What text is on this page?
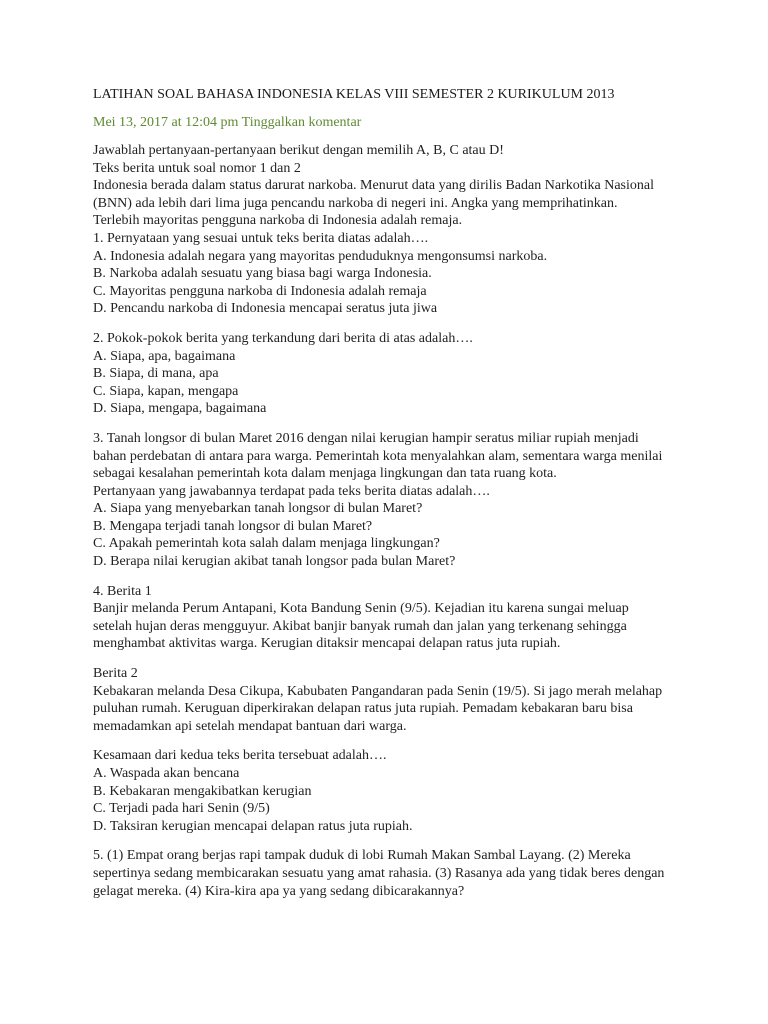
LATIHAN SOAL BAHASA INDONESIA KELAS VIII SEMESTER 2 KURIKULUM 2013
Mei 13, 2017 at 12:04 pm Tinggalkan komentar
Jawablah pertanyaan-pertanyaan berikut dengan memilih A, B, C atau D!
Teks berita untuk soal nomor 1 dan 2
Indonesia berada dalam status darurat narkoba. Menurut data yang dirilis Badan Narkotika Nasional
(BNN) ada lebih dari lima juga pencandu narkoba di negeri ini. Angka yang memprihatinkan.
Terlebih mayoritas pengguna narkoba di Indonesia adalah remaja.
1. Pernyataan yang sesuai untuk teks berita diatas adalah….
A. Indonesia adalah negara yang mayoritas penduduknya mengonsumsi narkoba.
B. Narkoba adalah sesuatu yang biasa bagi warga Indonesia.
C. Mayoritas pengguna narkoba di Indonesia adalah remaja
D. Pencandu narkoba di Indonesia mencapai seratus juta jiwa
2. Pokok-pokok berita yang terkandung dari berita di atas adalah….
A. Siapa, apa, bagaimana
B. Siapa, di mana, apa
C. Siapa, kapan, mengapa
D. Siapa, mengapa, bagaimana
3. Tanah longsor di bulan Maret 2016 dengan nilai kerugian hampir seratus miliar rupiah menjadi
bahan perdebatan di antara para warga. Pemerintah kota menyalahkan alam, sementara warga menilai
sebagai kesalahan pemerintah kota dalam menjaga lingkungan dan tata ruang kota.
Pertanyaan yang jawabannya terdapat pada teks berita diatas adalah….
A. Siapa yang menyebarkan tanah longsor di bulan Maret?
B. Mengapa terjadi tanah longsor di bulan Maret?
C. Apakah pemerintah kota salah dalam menjaga lingkungan?
D. Berapa nilai kerugian akibat tanah longsor pada bulan Maret?
4. Berita 1
Banjir melanda Perum Antapani, Kota Bandung Senin (9/5). Kejadian itu karena sungai meluap
setelah hujan deras mengguyur. Akibat banjir banyak rumah dan jalan yang terkenang sehingga
menghambat aktivitas warga. Kerugian ditaksir mencapai delapan ratus juta rupiah.
Berita 2
Kebakaran melanda Desa Cikupa, Kabubaten Pangandaran pada Senin (19/5). Si jago merah melahap
puluhan rumah. Keruguan diperkirakan delapan ratus juta rupiah. Pemadam kebakaran baru bisa
memadamkan api setelah mendapat bantuan dari warga.
Kesamaan dari kedua teks berita tersebuat adalah….
A. Waspada akan bencana
B. Kebakaran mengakibatkan kerugian
C. Terjadi pada hari Senin (9/5)
D. Taksiran kerugian mencapai delapan ratus juta rupiah.
5. (1) Empat orang berjas rapi tampak duduk di lobi Rumah Makan Sambal Layang. (2) Mereka
sepertinya sedang membicarakan sesuatu yang amat rahasia. (3) Rasanya ada yang tidak beres dengan
gelagat mereka. (4) Kira-kira apa ya yang sedang dibicarakannya?
